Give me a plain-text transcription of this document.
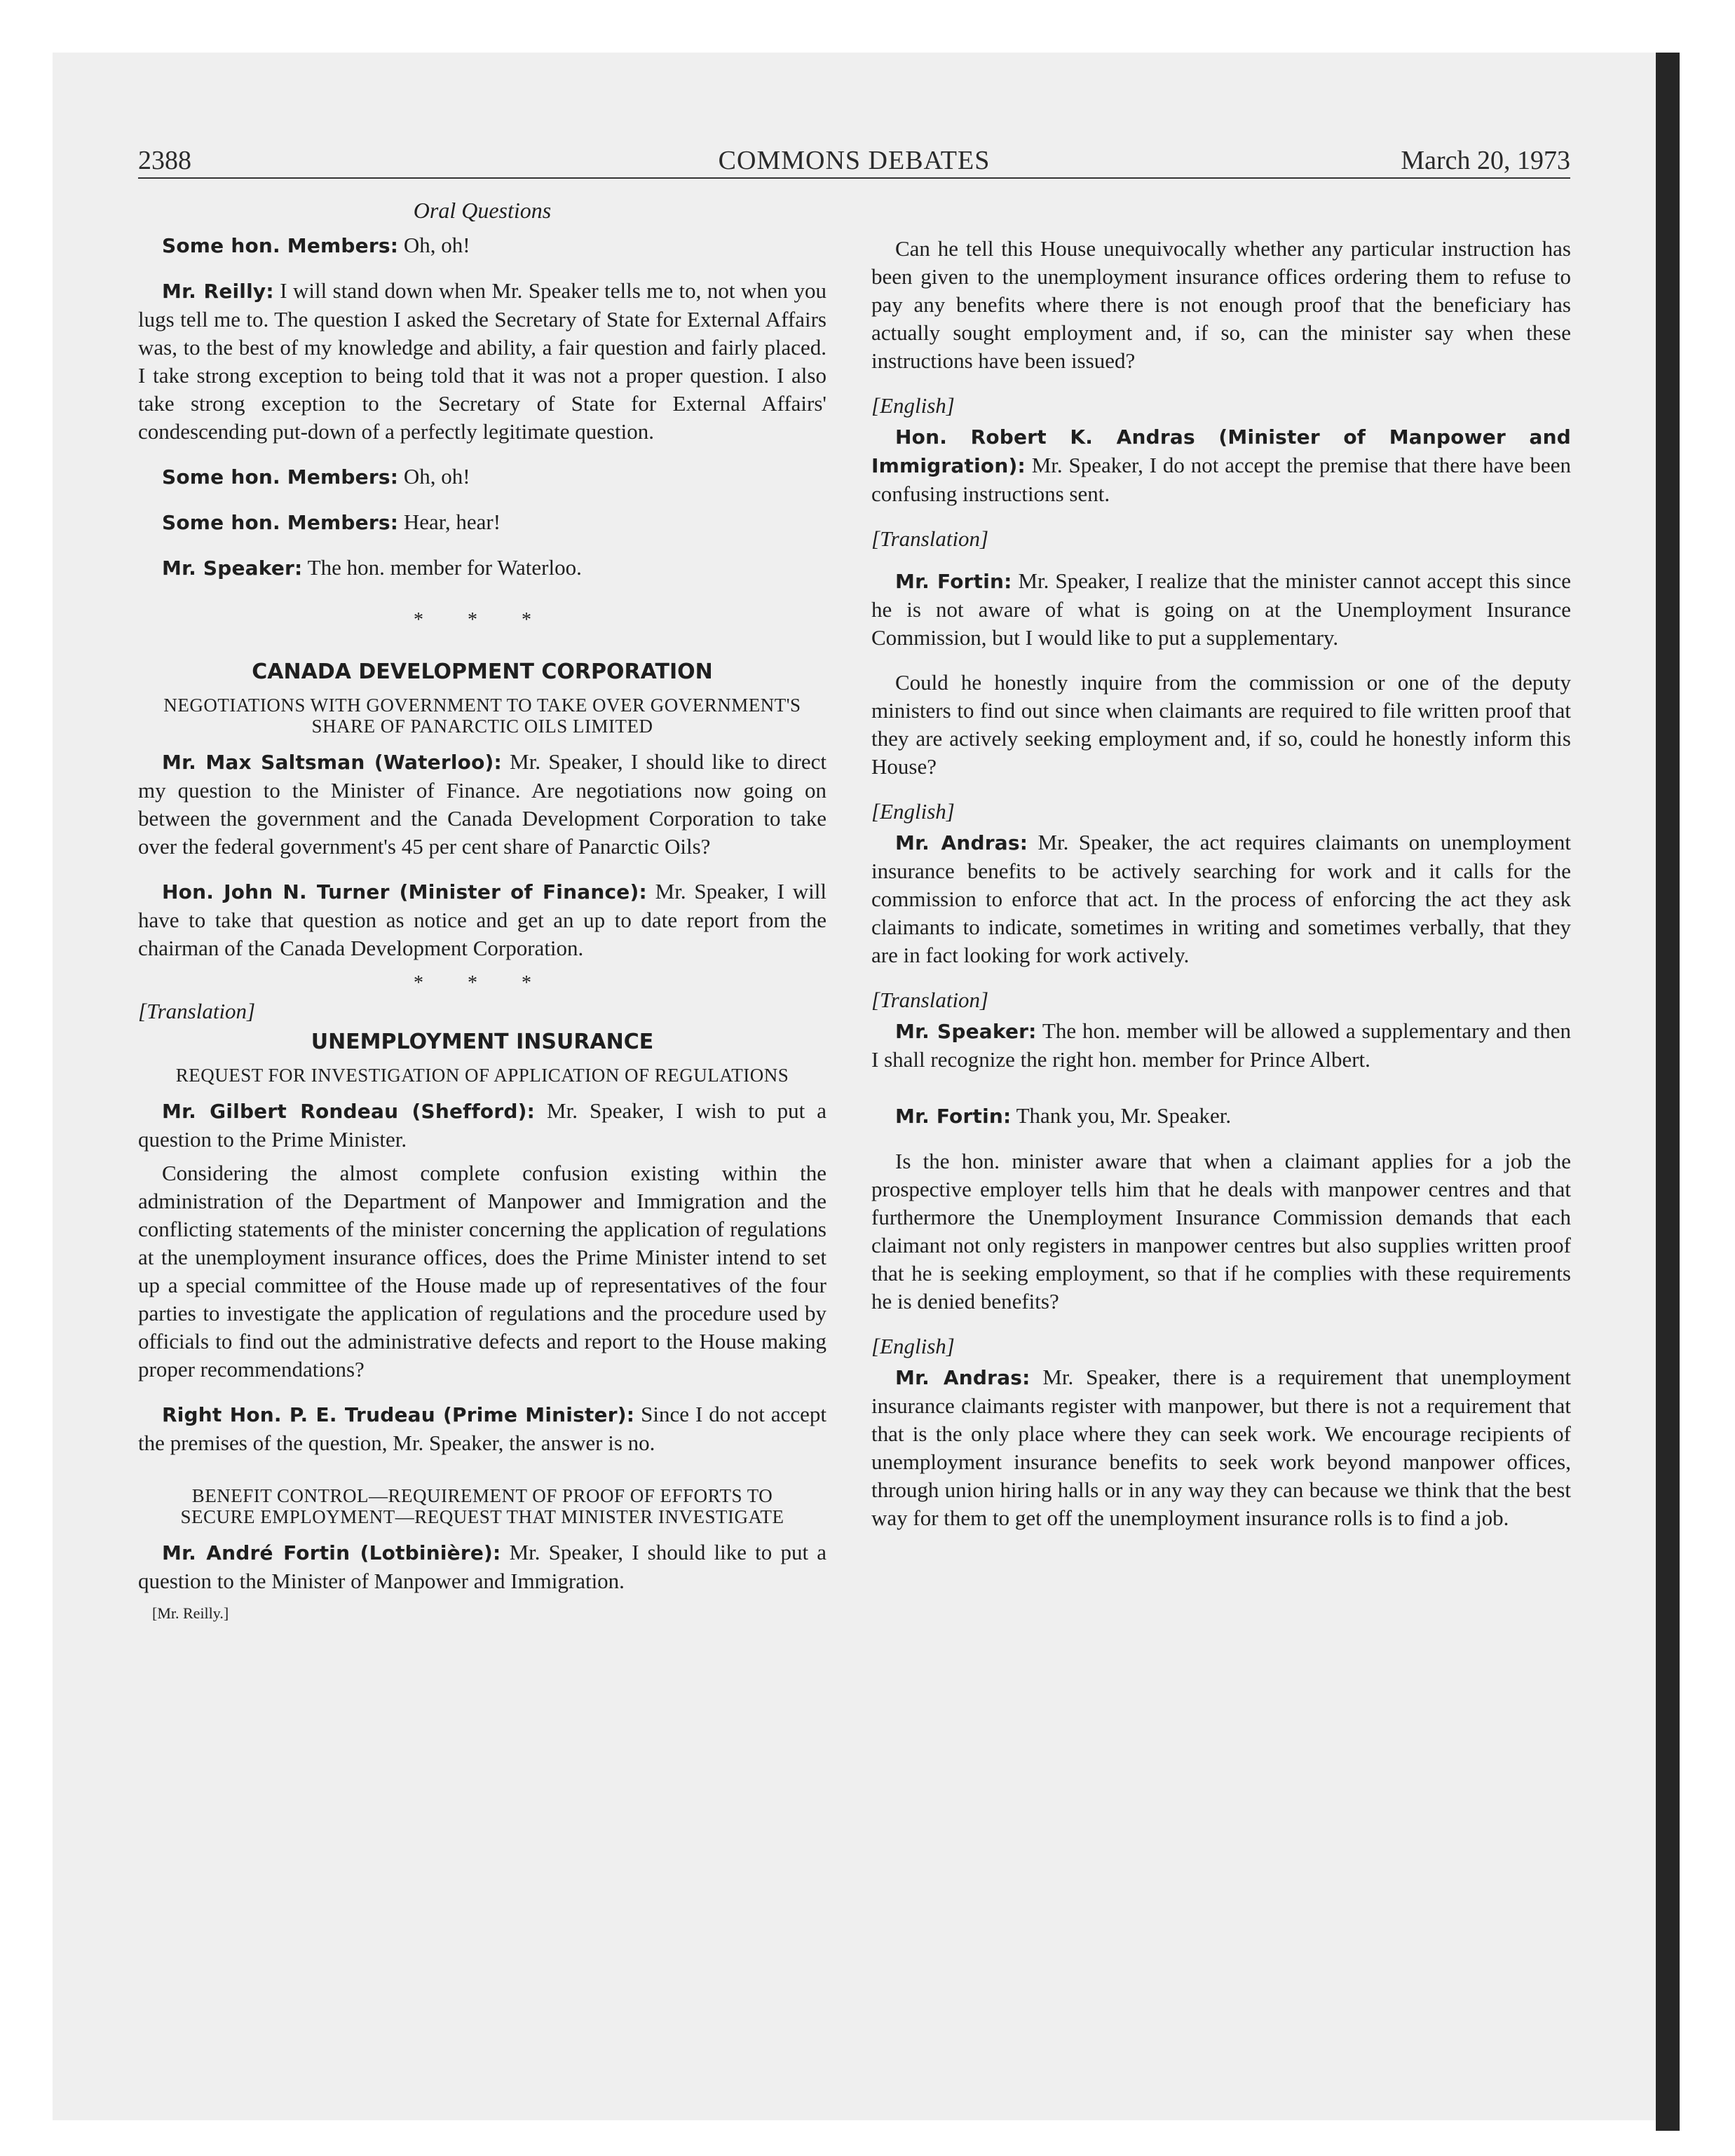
COMMONS DEBATES
2388	March 20, 1973
Oral Questions

Some hon. Members: Oh, oh!

Mr. Reilly: I will stand down when Mr. Speaker tells me to, not when you lugs tell me to. The question I asked the Secretary of State for External Affairs was, to the best of my knowledge and ability, a fair question and fairly placed. I take strong exception to being told that it was not a proper question. I also take strong exception to the Secretary of State for External Affairs' condescending put-down of a perfectly legitimate question.

Some hon. Members: Oh, oh!

Some hon. Members: Hear, hear!

Mr. Speaker: The hon. member for Waterloo.

* * *
CANADA DEVELOPMENT CORPORATION
NEGOTIATIONS WITH GOVERNMENT TO TAKE OVER GOVERNMENT'S SHARE OF PANARCTIC OILS LIMITED

Mr. Max Saltsman (Waterloo): Mr. Speaker, I should like to direct my question to the Minister of Finance. Are negotiations now going on between the government and the Canada Development Corporation to take over the federal government's 45 per cent share of Panarctic Oils?

Hon. John N. Turner (Minister of Finance): Mr. Speaker, I will have to take that question as notice and get an up to date report from the chairman of the Canada Development Corporation.

* * *
[Translation]
UNEMPLOYMENT INSURANCE
REQUEST FOR INVESTIGATION OF APPLICATION OF REGULATIONS

Mr. Gilbert Rondeau (Shefford): Mr. Speaker, I wish to put a question to the Prime Minister.

Considering the almost complete confusion existing within the administration of the Department of Manpower and Immigration and the conflicting statements of the minister concerning the application of regulations at the unemployment insurance offices, does the Prime Minister intend to set up a special committee of the House made up of representatives of the four parties to investigate the application of regulations and the procedure used by officials to find out the administrative defects and report to the House making proper recommendations?

Right Hon. P. E. Trudeau (Prime Minister): Since I do not accept the premises of the question, Mr. Speaker, the answer is no.

BENEFIT CONTROL—REQUIREMENT OF PROOF OF EFFORTS TO SECURE EMPLOYMENT—REQUEST THAT MINISTER INVESTIGATE

Mr. André Fortin (Lotbinière): Mr. Speaker, I should like to put a question to the Minister of Manpower and Immigration.

[Mr. Reilly.]

Can he tell this House unequivocally whether any particular instruction has been given to the unemployment insurance offices ordering them to refuse to pay any benefits where there is not enough proof that the beneficiary has actually sought employment and, if so, can the minister say when these instructions have been issued?

[English]

Hon. Robert K. Andras (Minister of Manpower and Immigration): Mr. Speaker, I do not accept the premise that there have been confusing instructions sent.

[Translation]

Mr. Fortin: Mr. Speaker, I realize that the minister cannot accept this since he is not aware of what is going on at the Unemployment Insurance Commission, but I would like to put a supplementary.

Could he honestly inquire from the commission or one of the deputy ministers to find out since when claimants are required to file written proof that they are actively seeking employment and, if so, could he honestly inform this House?

[English]

Mr. Andras: Mr. Speaker, the act requires claimants on unemployment insurance benefits to be actively searching for work and it calls for the commission to enforce that act. In the process of enforcing the act they ask claimants to indicate, sometimes in writing and sometimes verbally, that they are in fact looking for work actively.

[Translation]

Mr. Speaker: The hon. member will be allowed a supplementary and then I shall recognize the right hon. member for Prince Albert.

Mr. Fortin: Thank you, Mr. Speaker.

Is the hon. minister aware that when a claimant applies for a job the prospective employer tells him that he deals with manpower centres and that furthermore the Unemployment Insurance Commission demands that each claimant not only registers in manpower centres but also supplies written proof that he is seeking employment, so that if he complies with these requirements he is denied benefits?

[English]

Mr. Andras: Mr. Speaker, there is a requirement that unemployment insurance claimants register with manpower, but there is not a requirement that that is the only place where they can seek work. We encourage recipients of unemployment insurance benefits to seek work beyond manpower offices, through union hiring halls or in any way they can because we think that the best way for them to get off the unemployment insurance rolls is to find a job.
